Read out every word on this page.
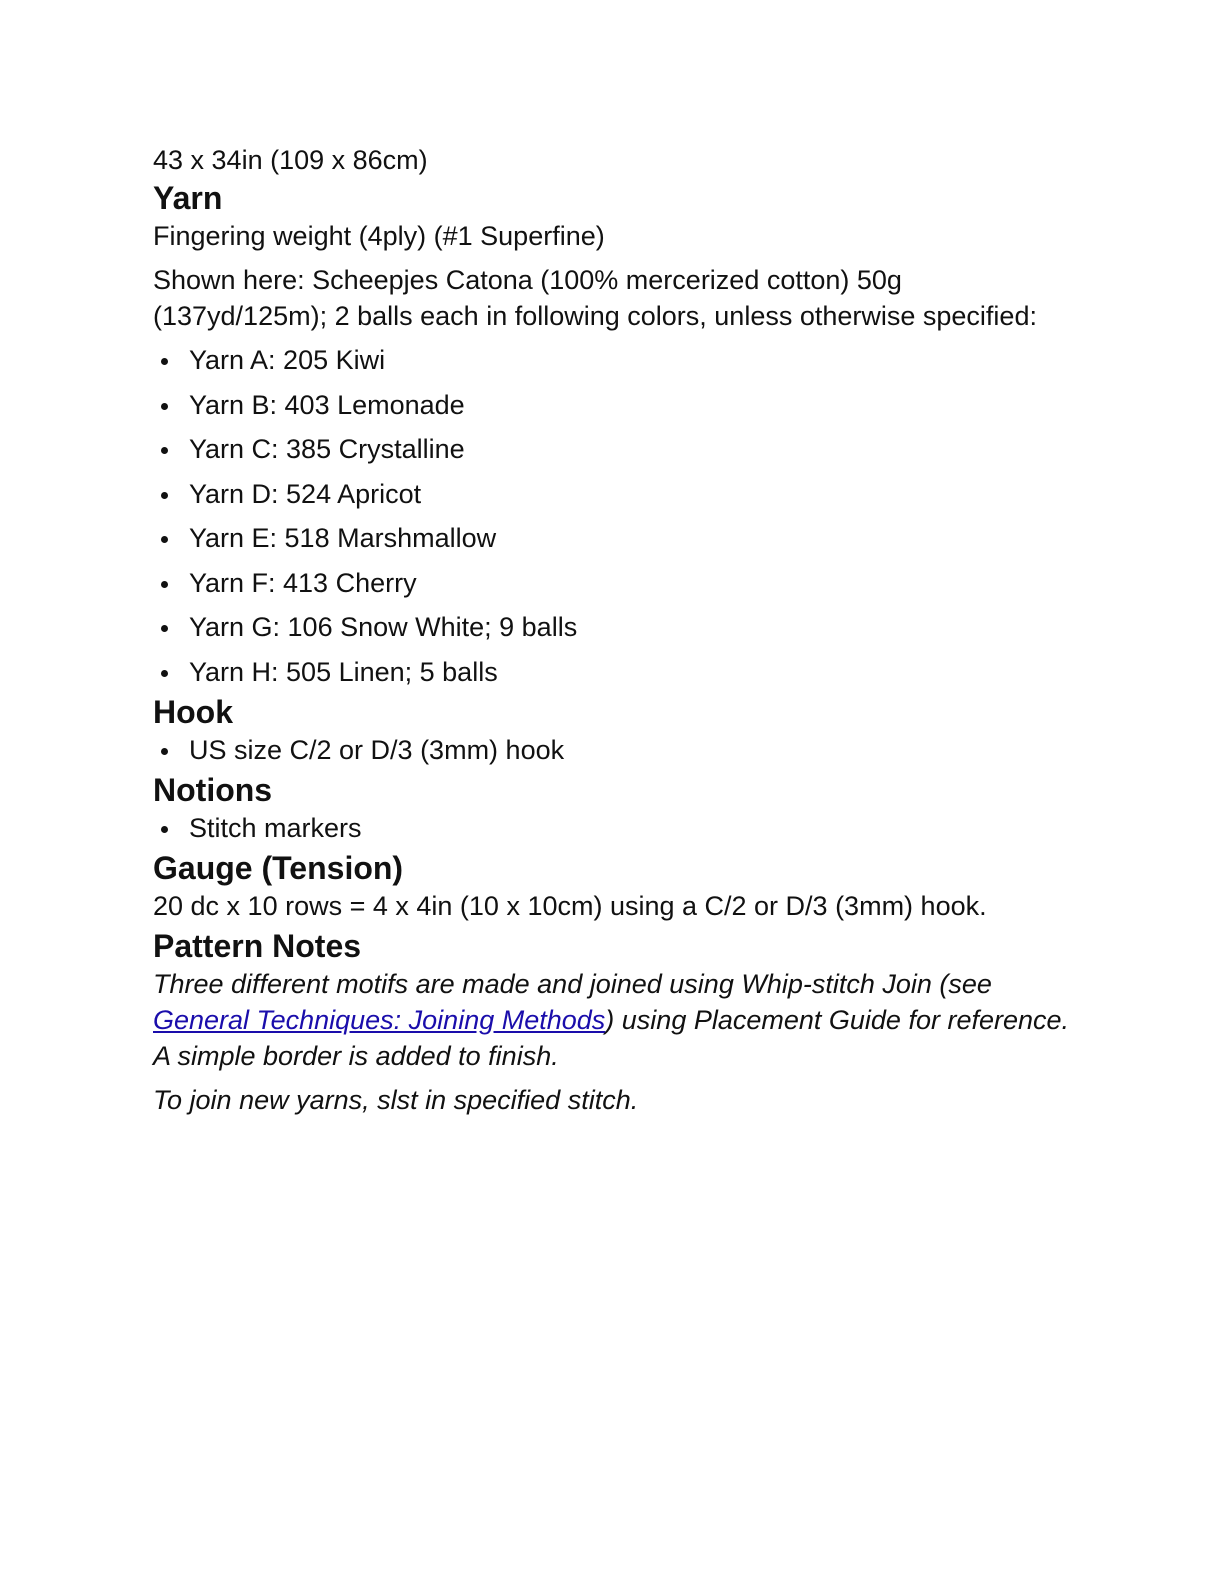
43 x 34in (109 x 86cm)

Yarn

Fingering weight (4ply) (#1 Superfine)

Shown here: Scheepjes Catona (100% mercerized cotton) 50g (137yd/125m); 2 balls each in following colors, unless otherwise specified:

Yarn A: 205 Kiwi
Yarn B: 403 Lemonade
Yarn C: 385 Crystalline
Yarn D: 524 Apricot
Yarn E: 518 Marshmallow
Yarn F: 413 Cherry
Yarn G: 106 Snow White; 9 balls
Yarn H: 505 Linen; 5 balls
Hook
US size C/2 or D/3 (3mm) hook
Notions
Stitch markers
Gauge (Tension)

20 dc x 10 rows = 4 x 4in (10 x 10cm) using a C/2 or D/3 (3mm) hook.

Pattern Notes

Three different motifs are made and joined using Whip-stitch Join (see General Techniques: Joining Methods) using Placement Guide for reference. A simple border is added to finish.

To join new yarns, slst in specified stitch.
